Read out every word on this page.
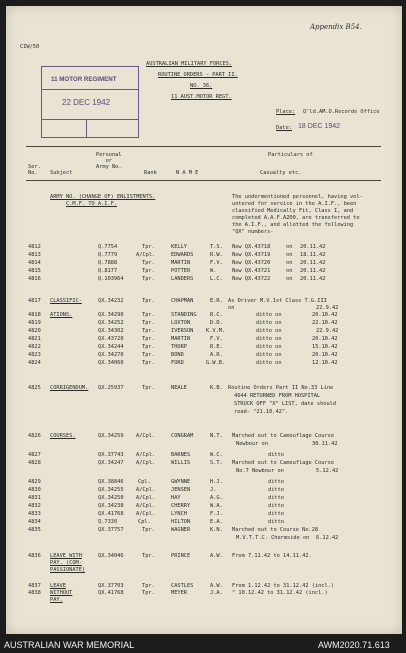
CIW/50
Appendix B54.
AUSTRALIAN MILITARY FORCES.
ROUTINE ORDERS - PART II.
NO. 36.
11 AUST.MOTOR REGT.
Place: Q'ld.AM.O.Records Office
Date: 18 DEC 1942
11 MOTOR REGIMENT
22 DEC 1942
Ser.
No.	Subject
Personal
or
Army No.
Rank	N A M E
Particulars of
Casualty etc.
ARMY NO. (CHANGE OF) ENLISTMENTS.
C.M.F. TO A.I.F.
The undermentioned personnel, having vol-
untered for service in the A.I.F., been
classified Medically Fit, Class I, and
completed A.A.F.A200, are transferred to
the A.I.F., and allotted the following
"QX" numbers-
4812	Q.7754	Tpr.	KELLY	T.S. Now QX.43718	on 20.11.42
4813	Q.7779	A/Cpl.	EDWARDS	R.W. Now QX.43719	on 18.11.42
4814	Q.7888	Tpr.	MARTIN	F.V. Now QX.43720	on 20.11.42
4815	Q.8177	Tpr.	POTTER	W.	Now QX.43721	on 20.11.42
4816	Q.103964	Tpr.	LANDERS	L.C. Now QX.43722	on 20.11.42
4817 CLASSIFIC-	QX.34232	Tpr.	CHAPMAN	E.R. As Driver M.V.1st Class T.G.III
on	22.9.42
4818 ATIONS.	QX.34290	Tpr.	STANDING	R.C.	ditto on	20.10.42
4819	QX.34252	Tpr.	LOXTON	D.D.	ditto on	22.10.42
4820	QX.34302	Tpr.	IVERSON K.V.M.	ditto on	22.9.42
4821	QX.43720	Tpr.	MARTIN	F.V.	ditto on	20.10.42
4822	QX.34244	Tpr.	THORP	R.E.	ditto on	15.10.42
4823	QX.34270	Tpr.	BOND	A.R.	ditto on	20.10.42
4824	QX.34060	Tpr.	FORD	G.W.B.	ditto on	12.10.42
4825 CORRIGENDUM. QX.25937	Tpr.	NEALE	K.B. Routine Orders Part II No.33 Line
4644 RETURNED FROM HOSPITAL
STRUCK OFF "X" LIST, date should
read- "21.10.42".
4826 COURSES.	QX.34259 A/Cpl.	CONGRAM	N.T. Marched out to Camouflage Course
Newbour on	30.11.42
4827	QX.37743 A/Cpl.	BARNES	W.C.	ditto
4828	QX.34247 A/Cpl.	WILLIS	S.T. Marched out to Camouflage Course
No.7 Newbour on	5.12.42
4829	QX.38846	Cpl.	GWYNNE	H.J.	ditto
4830	QX.34255 A/Cpl.	JENSEN	J.	ditto
4831	QX.34250 A/Cpl.	HAY	A.G.	ditto
4832	QX.34238 A/Cpl.	CHERRY	W.A.	ditto
4833	QX.41768 A/Cpl.	LYNCH	F.J.	ditto
4834	Q.7330	Cpl.	HILTON	E.A.	ditto
4835	QX.37757	Tpr.	WAGNER	K.N. Marched out to Course No.28
M.V.T.T.C. Chermside on 6.12.42
4836 LEAVE WITH	QX.34046	Tpr.	PRINCE	A.W. From 7.11.42 to 14.11.42.
PAY. (COM-
PASSIONATE)
4837 LEAVE	QX.37703	Tpr.	CASTLES	A.W. From 1.12.42 to 31.12.42 (incl.)
4838 WITHOUT	QX.41768	Tpr.	MEYER	J.A. " 10.12.42 to 31.12.42 (incl.)
PAY.
AUSTRALIAN WAR MEMORIAL	AWM2020.71.613
